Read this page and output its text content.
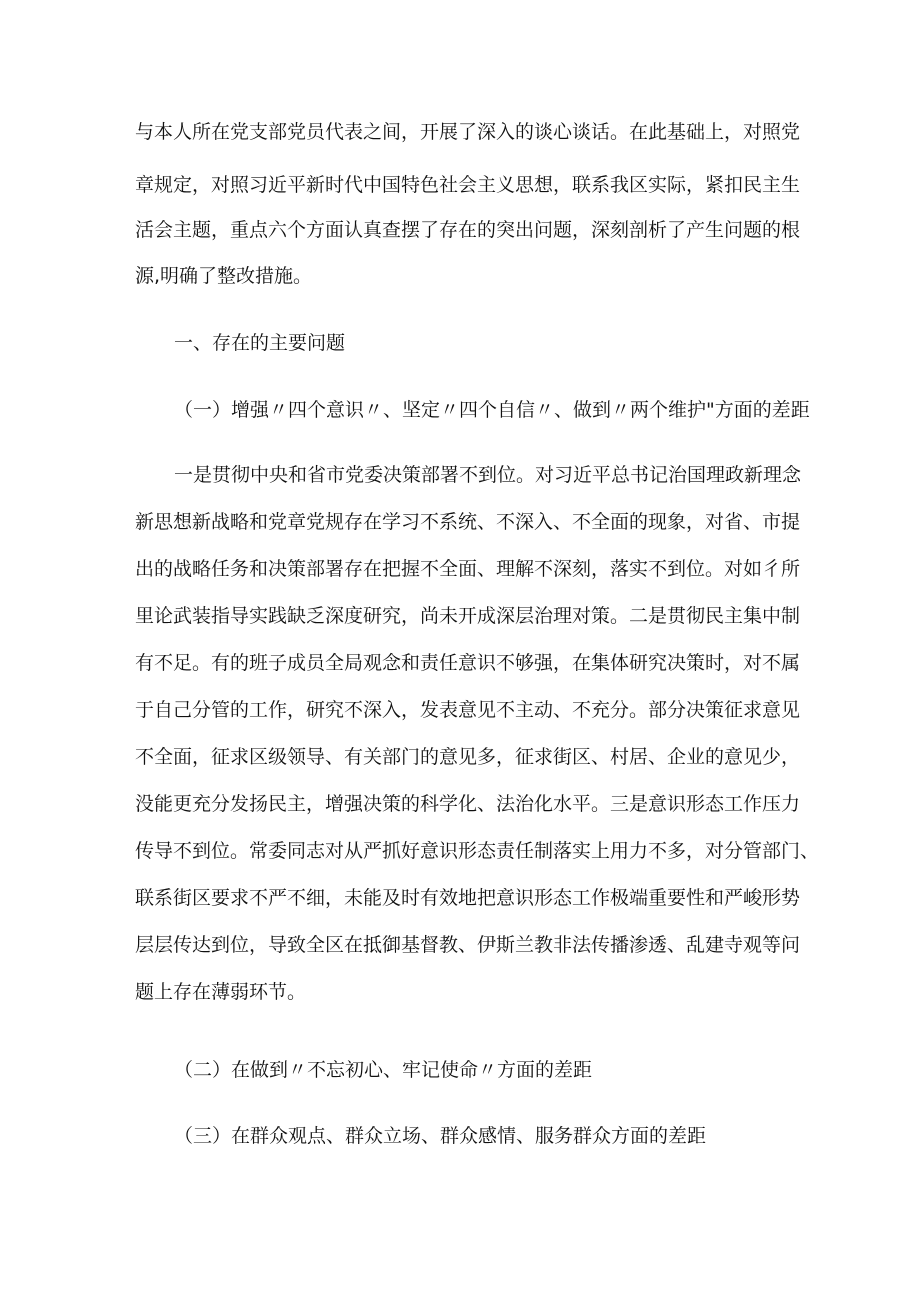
与本人所在党支部党员代表之间，开展了深入的谈心谈话。在此基础上，对照党
章规定，对照习近平新时代中国特色社会主义思想，联系我区实际，紧扣民主生
活会主题，重点六个方面认真查摆了存在的突出问题，深刻剖析了产生问题的根
源,明确了整改措施。
一、存在的主要问题
（一）增强〃四个意识〃、坚定〃四个自信〃、做到〃两个维护"方面的差距
一是贯彻中央和省市党委决策部署不到位。对习近平总书记治国理政新理念
新思想新战略和党章党规存在学习不系统、不深入、不全面的现象，对省、市提
出的战略任务和决策部署存在把握不全面、理解不深刻，落实不到位。对如彳所
里论武装指导实践缺乏深度研究，尚未开成深层治理对策。二是贯彻民主集中制
有不足。有的班子成员全局观念和责任意识不够强，在集体研究决策时，对不属
于自己分管的工作，研究不深入，发表意见不主动、不充分。部分决策征求意见
不全面，征求区级领导、有关部门的意见多，征求街区、村居、企业的意见少，
没能更充分发扬民主，增强决策的科学化、法治化水平。三是意识形态工作压力
传导不到位。常委同志对从严抓好意识形态责任制落实上用力不多，对分管部门、
联系街区要求不严不细，未能及时有效地把意识形态工作极端重要性和严峻形势
层层传达到位，导致全区在抵御基督教、伊斯兰教非法传播渗透、乱建寺观等问
题上存在薄弱环节。
（二）在做到〃不忘初心、牢记使命〃方面的差距
（三）在群众观点、群众立场、群众感情、服务群众方面的差距
